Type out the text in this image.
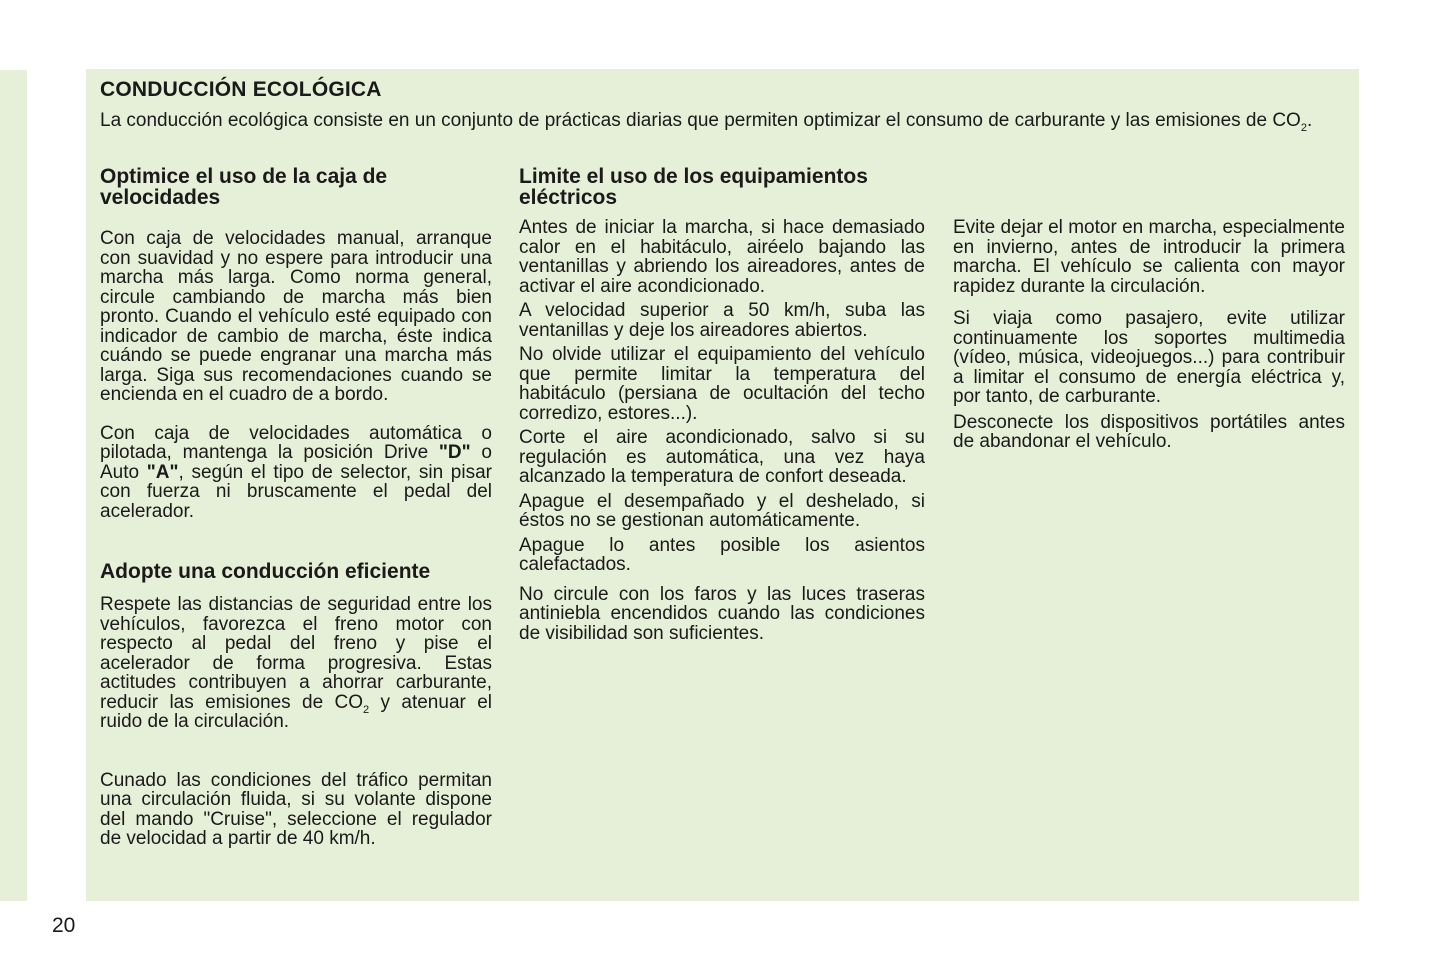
CONDUCCIÓN ECOLÓGICA

La conducción ecológica consiste en un conjunto de prácticas diarias que permiten optimizar el consumo de carburante y las emisiones de $CO_2$.

Optimice el uso de la caja de velocidades

Con caja de velocidades manual, arranque con suavidad y no espere para introducir una marcha más larga. Como norma general, circule cambiando de marcha más bien pronto. Cuando el vehículo esté equipado con indicador de cambio de marcha, éste indica cuándo se puede engranar una marcha más larga. Siga sus recomendaciones cuando se encienda en el cuadro de a bordo.

Con caja de velocidades automática o pilotada, mantenga la posición Drive "D" o Auto "A", según el tipo de selector, sin pisar con fuerza ni bruscamente el pedal del acelerador.

Adopte una conducción eficiente

Respete las distancias de seguridad entre los vehículos, favorezca el freno motor con respecto al pedal del freno y pise el acelerador de forma progresiva. Estas actitudes contribuyen a ahorrar carburante, reducir las emisiones de $CO_2$ y atenuar el ruido de la circulación.

Cunado las condiciones del tráfico permitan una circulación fluida, si su volante dispone del mando "Cruise", seleccione el regulador de velocidad a partir de 40 km/h.

Limite el uso de los equipamientos eléctricos

Antes de iniciar la marcha, si hace demasiado calor en el habitáculo, airéelo bajando las ventanillas y abriendo los aireadores, antes de activar el aire acondicionado.

A velocidad superior a 50 km/h, suba las ventanillas y deje los aireadores abiertos.

No olvide utilizar el equipamiento del vehículo que permite limitar la temperatura del habitáculo (persiana de ocultación del techo corredizo, estores...).

Corte el aire acondicionado, salvo si su regulación es automática, una vez haya alcanzado la temperatura de confort deseada.

Apague el desempañado y el deshelado, si éstos no se gestionan automáticamente.

Apague lo antes posible los asientos calefactados.

No circule con los faros y las luces traseras antiniebla encendidos cuando las condiciones de visibilidad son suficientes.

Evite dejar el motor en marcha, especialmente en invierno, antes de introducir la primera marcha. El vehículo se calienta con mayor rapidez durante la circulación.

Si viaja como pasajero, evite utilizar continuamente los soportes multimedia (vídeo, música, videojuegos...) para contribuir a limitar el consumo de energía eléctrica y, por tanto, de carburante.

Desconecte los dispositivos portátiles antes de abandonar el vehículo.

20
